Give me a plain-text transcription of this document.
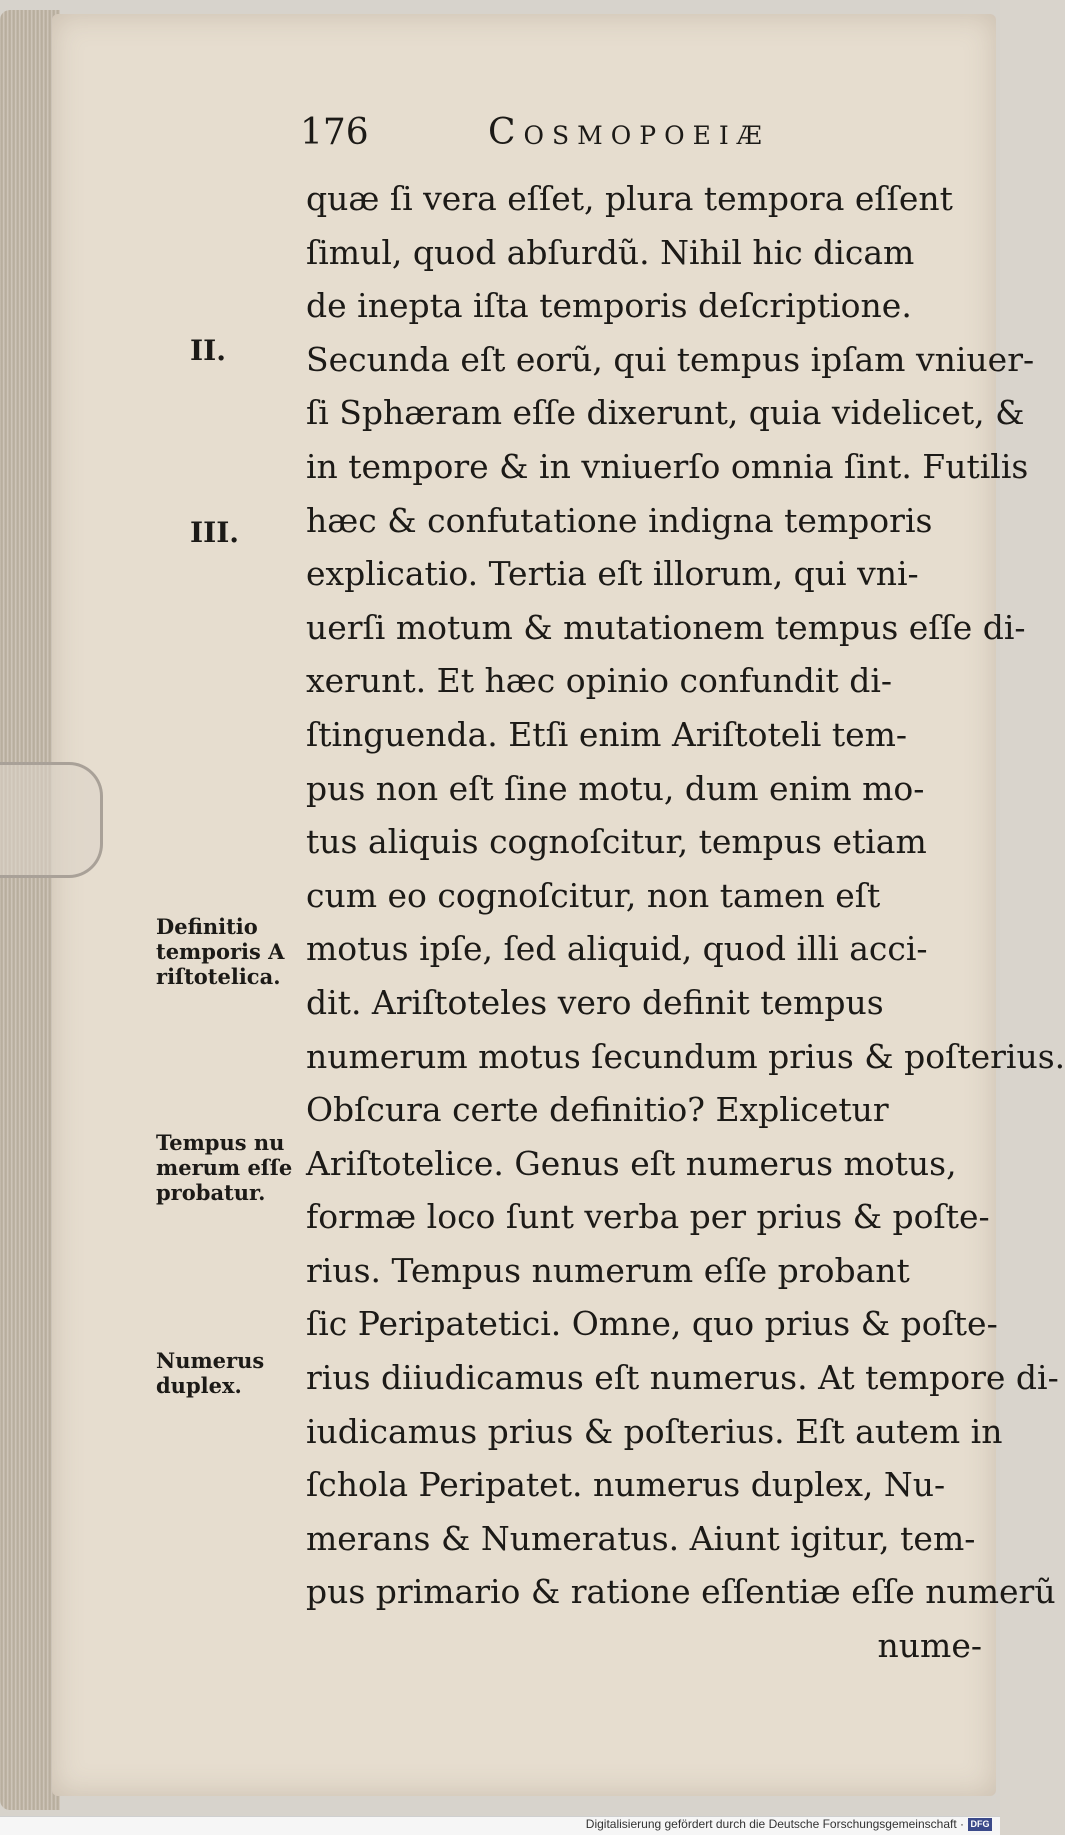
176	Cosmopoeiæ
quæ ſi vera eſſet, plura tempora eſſent
ſimul, quod abſurdũ. Nihil hic dicam
de inepta iſta temporis deſcriptione.
Secunda eſt eorũ, qui tempus ipſam vniuer-
ſi Sphæram eſſe dixerunt, quia videlicet, &
in tempore & in vniuerſo omnia ſint. Futilis
hæc & confutatione indigna temporis
explicatio. Tertia eſt illorum, qui vni-
uerſi motum & mutationem tempus eſſe di-
xerunt. Et hæc opinio confundit di-
ſtinguenda. Etſi enim Ariſtoteli tem-
pus non eſt ſine motu, dum enim mo-
tus aliquis cognoſcitur, tempus etiam
cum eo cognoſcitur, non tamen eſt
motus ipſe, ſed aliquid, quod illi acci-
dit. Ariſtoteles vero definit tempus
numerum motus ſecundum prius & poſterius.
Obſcura certe definitio? Explicetur
Ariſtotelice. Genus eſt numerus motus,
formæ loco ſunt verba per prius & poſte-
rius. Tempus numerum eſſe probant
ſic Peripatetici. Omne, quo prius & poſte-
rius diiudicamus eſt numerus. At tempore di-
iudicamus prius & poſterius. Eſt autem in
ſchola Peripatet. numerus duplex, Nu-
merans & Numeratus. Aiunt igitur, tem-
pus primario & ratione eſſentiæ eſſe numerũ
nume-
II.
III.
Definitio
temporis A
riſtotelica.
Tempus nu
merum eſſe
probatur.
Numerus
duplex.
Digitalisierung gefördert durch die Deutsche Forschungsgemeinschaft · DFG
